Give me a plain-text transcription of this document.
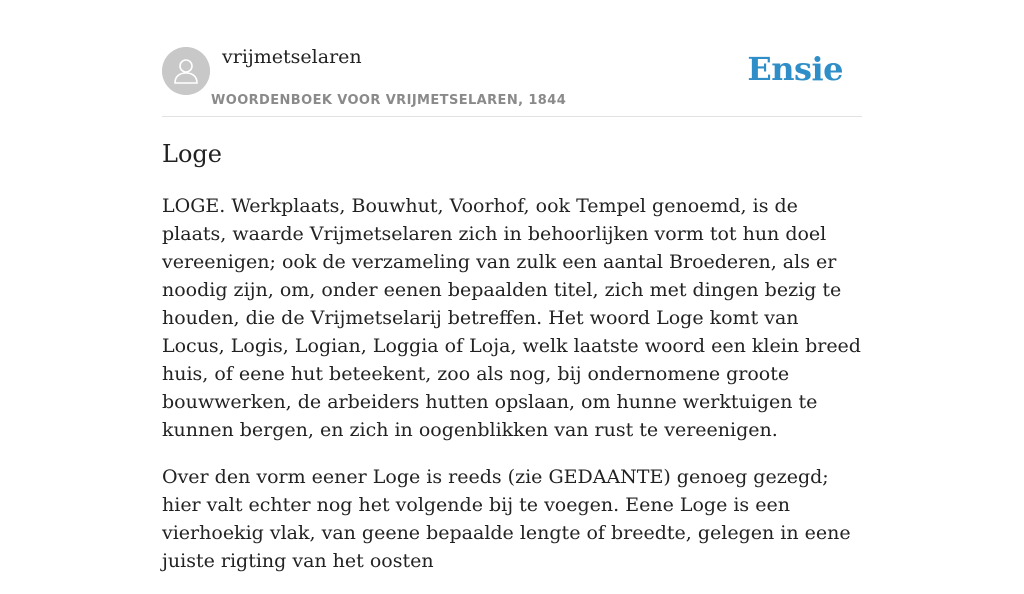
vrijmetselaren
WOORDENBOEK VOOR VRIJMETSELAREN, 1844
Ensie
Loge

LOGE. Werkplaats, Bouwhut, Voorhof, ook Tempel genoemd, is de plaats, waarde Vrijmetselaren zich in behoorlijken vorm tot hun doel vereenigen; ook de verzameling van zulk een aantal Broederen, als er noodig zijn, om, onder eenen bepaalden titel, zich met dingen bezig te houden, die de Vrijmetselarij betreffen. Het woord Loge komt van Locus, Logis, Logian, Loggia of Loja, welk laatste woord een klein breed huis, of eene hut beteekent, zoo als nog, bij ondernomene groote bouwwerken, de arbeiders hutten opslaan, om hunne werktuigen te kunnen bergen, en zich in oogenblikken van rust te vereenigen.

Over den vorm eener Loge is reeds (zie GEDAANTE) genoeg gezegd; hier valt echter nog het volgende bij te voegen. Eene Loge is een vierhoekig vlak, van geene bepaalde lengte of breedte, gelegen in eene juiste rigting van het oosten
